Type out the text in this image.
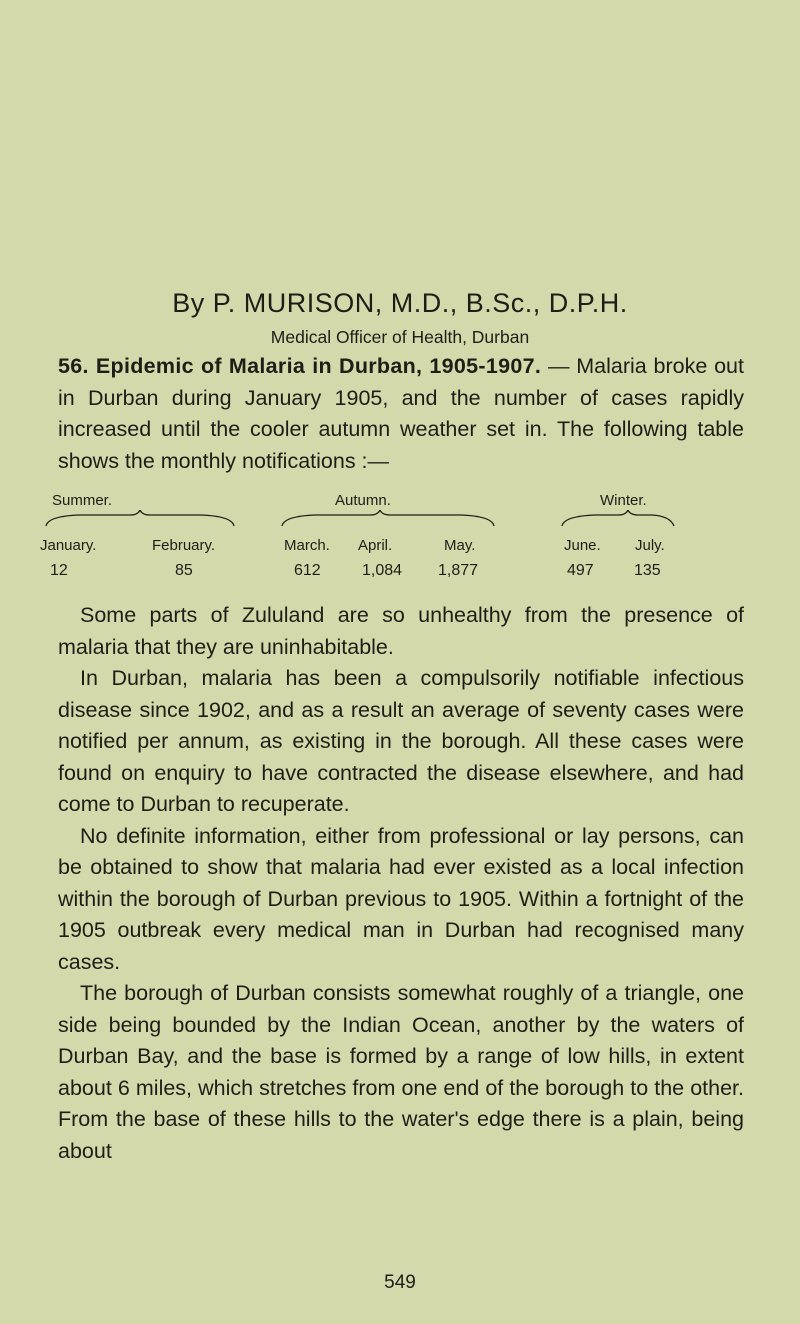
By P. MURISON, M.D., B.Sc., D.P.H.
Medical Officer of Health, Durban

56. Epidemic of Malaria in Durban, 1905-1907. — Malaria broke out in Durban during January 1905, and the number of cases rapidly increased until the cooler autumn weather set in. The following table shows the monthly notifications :—

Summer.	Autumn.	Winter.
January.	February.	March. April.	May.	June. July.
12	85	612	1,084 1,877	497	135

Some parts of Zululand are so unhealthy from the presence of malaria that they are uninhabitable.

In Durban, malaria has been a compulsorily notifiable infectious disease since 1902, and as a result an average of seventy cases were notified per annum, as existing in the borough. All these cases were found on enquiry to have contracted the disease elsewhere, and had come to Durban to recuperate.

No definite information, either from professional or lay persons, can be obtained to show that malaria had ever existed as a local infection within the borough of Durban previous to 1905. Within a fortnight of the 1905 outbreak every medical man in Durban had recognised many cases.

The borough of Durban consists somewhat roughly of a triangle, one side being bounded by the Indian Ocean, another by the waters of Durban Bay, and the base is formed by a range of low hills, in extent about 6 miles, which stretches from one end of the borough to the other. From the base of these hills to the water's edge there is a plain, being about

549
